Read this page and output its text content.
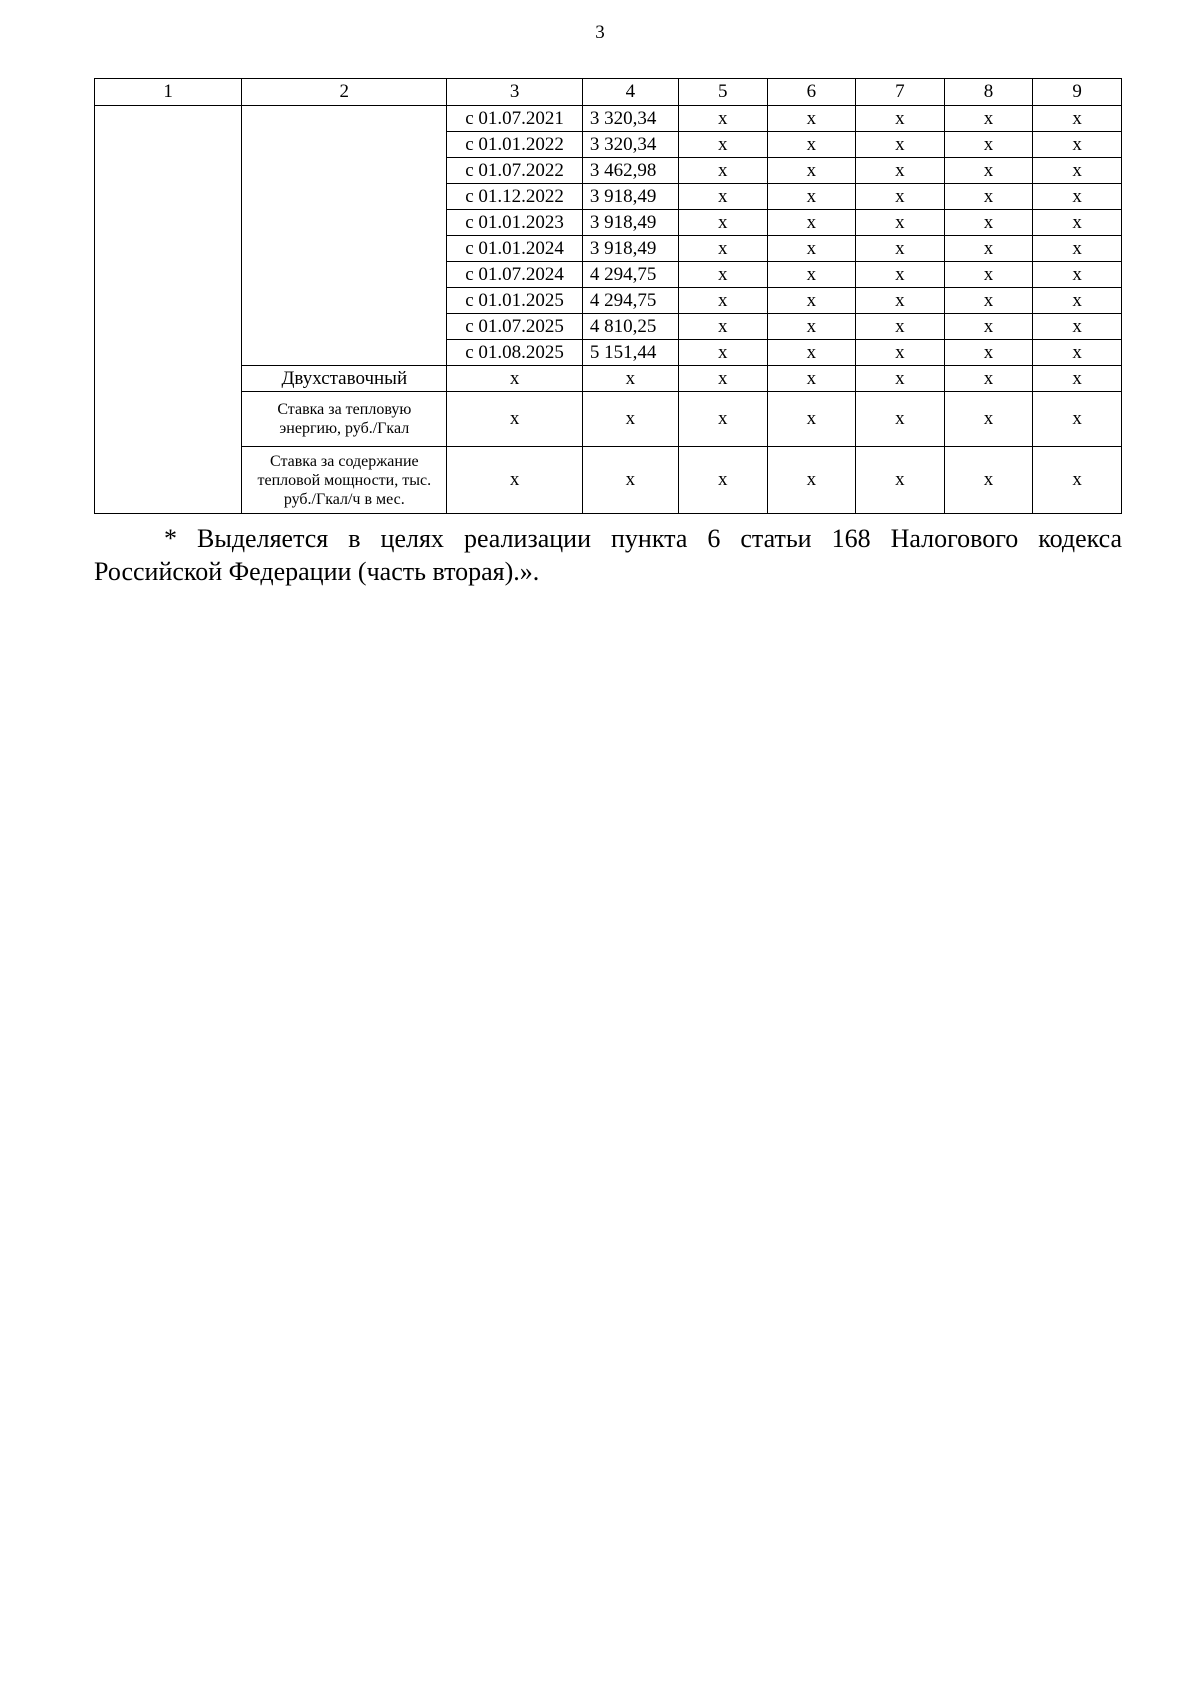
3
1	2	3	4	5	6	7	8	9
		с 01.07.2021	3 320,34	х	х	х	х	х
		с 01.01.2022	3 320,34	х	х	х	х	х
		с 01.07.2022	3 462,98	х	х	х	х	х
		с 01.12.2022	3 918,49	х	х	х	х	х
		с 01.01.2023	3 918,49	х	х	х	х	х
		с 01.01.2024	3 918,49	х	х	х	х	х
		с 01.07.2024	4 294,75	х	х	х	х	х
		с 01.01.2025	4 294,75	х	х	х	х	х
		с 01.07.2025	4 810,25	х	х	х	х	х
		с 01.08.2025	5 151,44	х	х	х	х	х
	Двухставочный	х	х	х	х	х	х	х
	Ставка за тепловую энергию, руб./Гкал	х	х	х	х	х	х	х
	Ставка за содержание тепловой мощности, тыс. руб./Гкал/ч в мес.	х	х	х	х	х	х	х
* Выделяется в целях реализации пункта 6 статьи 168 Налогового кодекса
Российской Федерации (часть вторая).».
